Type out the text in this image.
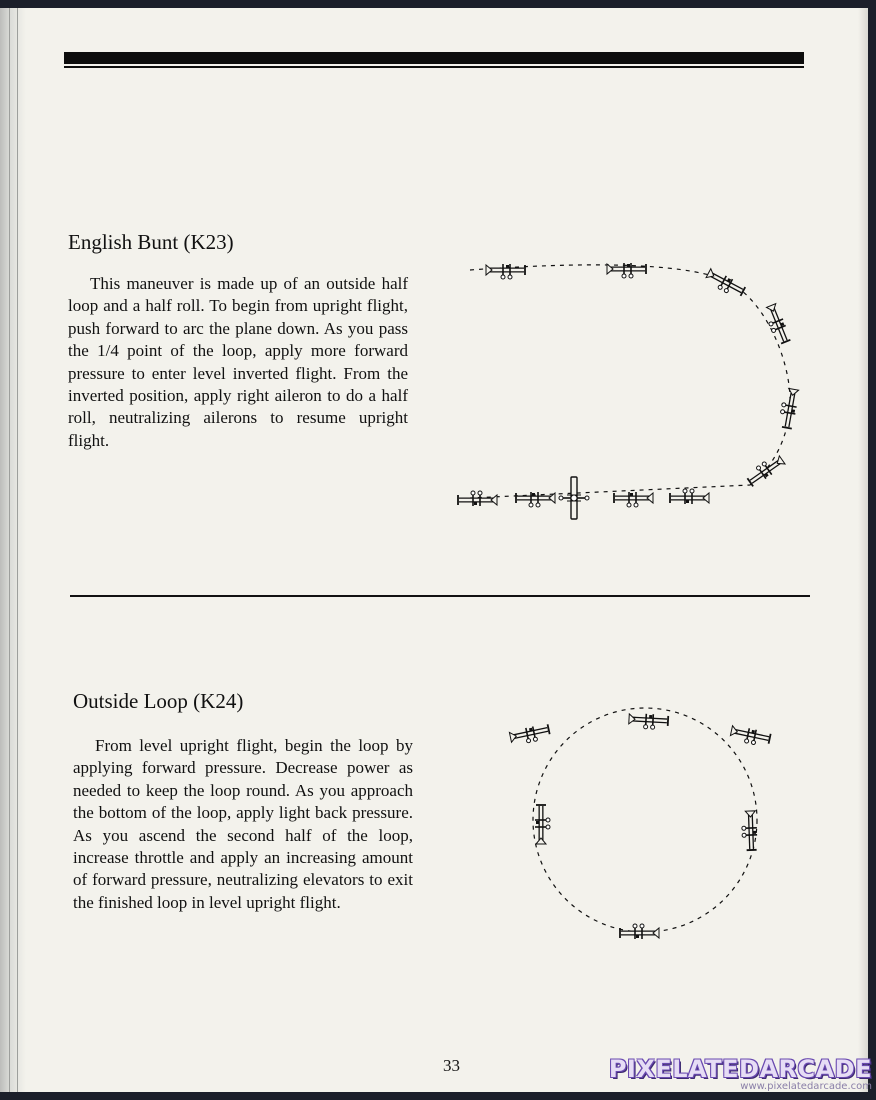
English Bunt (K23)

This maneuver is made up of an outside half loop and a half roll. To begin from upright flight, push forward to arc the plane down. As you pass the 1/4 point of the loop, apply more forward pressure to enter level inverted flight. From the inverted position, apply right aileron to do a half roll, neutralizing ailerons to resume upright flight.

Outside Loop (K24)

From level upright flight, begin the loop by applying forward pressure. Decrease power as needed to keep the loop round. As you approach the bottom of the loop, apply light back pressure. As you ascend the second half of the loop, increase throttle and apply an increasing amount of forward pressure, neutralizing elevators to exit the finished loop in level upright flight.

33	PIXELATEDARCADE
www.pixelatedarcade.com
